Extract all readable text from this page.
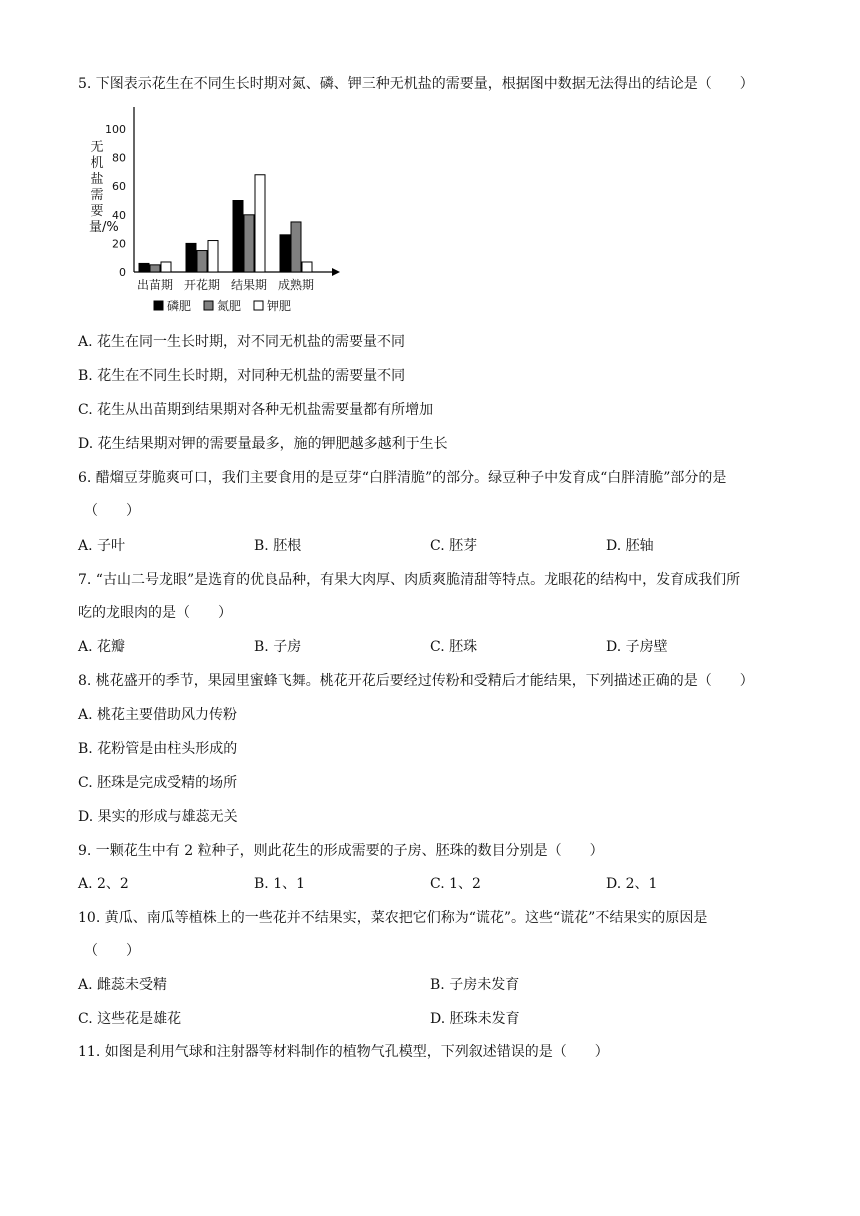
5. 下图表示花生在不同生长时期对氮、磷、钾三种无机盐的需要量，根据图中数据无法得出的结论是（　　）
无机盐需要量/%
0
20
40
60
80
100
出苗期 开花期 结果期 成熟期
磷肥 氮肥 钾肥
A. 花生在同一生长时期，对不同无机盐的需要量不同
B. 花生在不同生长时期，对同种无机盐的需要量不同
C. 花生从出苗期到结果期对各种无机盐需要量都有所增加
D. 花生结果期对钾的需要量最多，施的钾肥越多越利于生长
6. 醋熘豆芽脆爽可口，我们主要食用的是豆芽“白胖清脆”的部分。绿豆种子中发育成“白胖清脆”部分的是
（　　）
A. 子叶	B. 胚根	C. 胚芽	D. 胚轴
7. “古山二号龙眼”是选育的优良品种，有果大肉厚、肉质爽脆清甜等特点。龙眼花的结构中，发育成我们所
吃的龙眼肉的是（　　）
A. 花瓣	B. 子房	C. 胚珠	D. 子房壁
8. 桃花盛开的季节，果园里蜜蜂飞舞。桃花开花后要经过传粉和受精后才能结果，下列描述正确的是（　　）
A. 桃花主要借助风力传粉
B. 花粉管是由柱头形成的
C. 胚珠是完成受精的场所
D. 果实的形成与雄蕊无关
9. 一颗花生中有 2 粒种子，则此花生的形成需要的子房、胚珠的数目分别是（　　）
A. 2、2	B. 1、1	C. 1、2	D. 2、1
10. 黄瓜、南瓜等植株上的一些花并不结果实，菜农把它们称为“谎花”。这些“谎花”不结果实的原因是
（　　）
A. 雌蕊未受精	B. 子房未发育
C. 这些花是雄花	D. 胚珠未发育
11. 如图是利用气球和注射器等材料制作的植物气孔模型，下列叙述错误的是（　　）
